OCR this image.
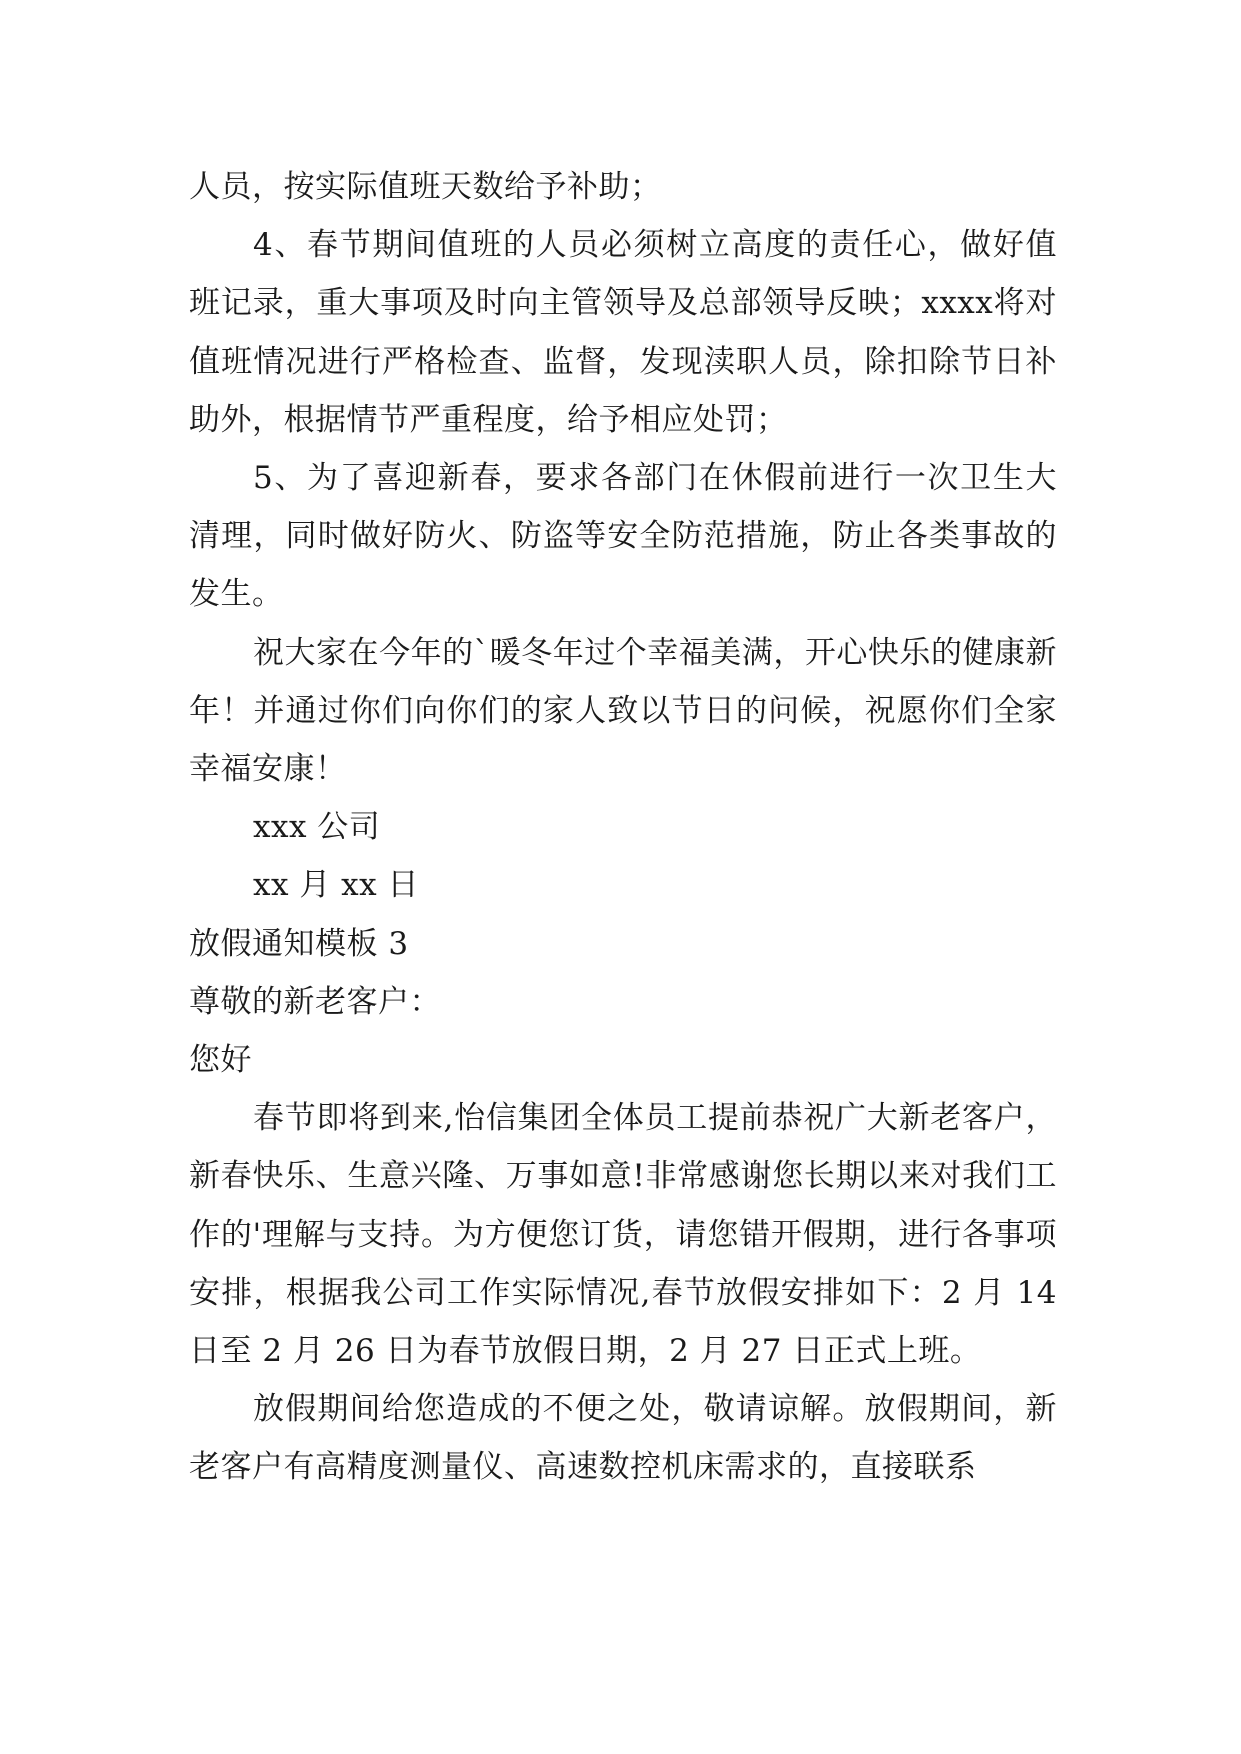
人员，按实际值班天数给予补助；

4、春节期间值班的人员必须树立高度的责任心，做好值班记录，重大事项及时向主管领导及总部领导反映；xxxx将对值班情况进行严格检查、监督，发现渎职人员，除扣除节日补助外，根据情节严重程度，给予相应处罚；

5、为了喜迎新春，要求各部门在休假前进行一次卫生大清理，同时做好防火、防盗等安全防范措施，防止各类事故的发生。

祝大家在今年的`暖冬年过个幸福美满，开心快乐的健康新年！并通过你们向你们的家人致以节日的问候，祝愿你们全家幸福安康！

xxx 公司

xx 月 xx 日

放假通知模板 3

尊敬的新老客户：

您好

春节即将到来,怡信集团全体员工提前恭祝广大新老客户，新春快乐、生意兴隆、万事如意!非常感谢您长期以来对我们工作的'理解与支持。为方便您订货，请您错开假期，进行各事项安排，根据我公司工作实际情况,春节放假安排如下：2 月 14 日至 2 月 26 日为春节放假日期，2 月 27 日正式上班。

放假期间给您造成的不便之处，敬请谅解。放假期间，新老客户有高精度测量仪、高速数控机床需求的，直接联系
